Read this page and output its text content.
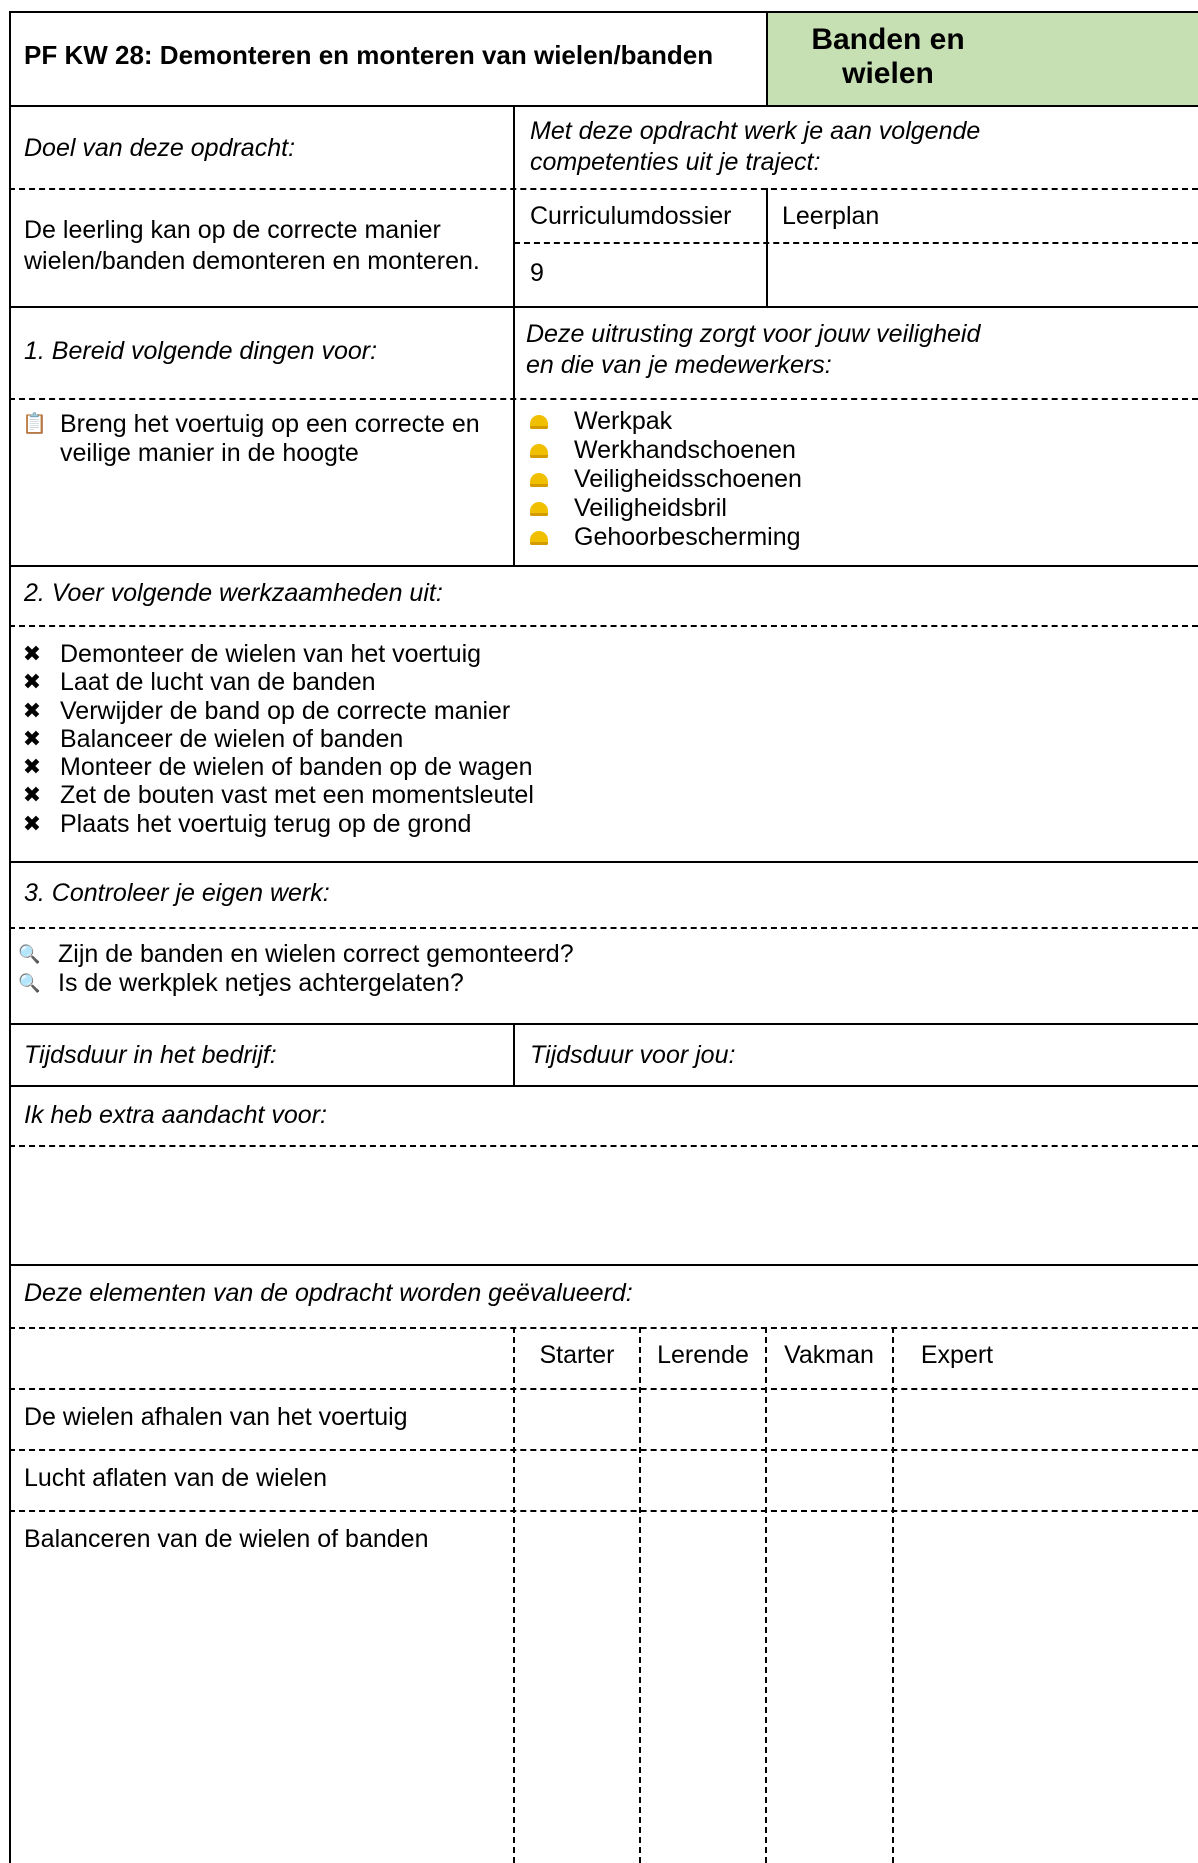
PF KW 28: Demonteren en monteren van wielen/banden	Banden en
wielen
Doel van deze opdracht:
Met deze opdracht werk je aan volgende
competenties uit je traject:
De leerling kan op de correcte manier
wielen/banden demonteren en monteren.
Curriculumdossier Leerplan
9
1. Bereid volgende dingen voor:
Deze uitrusting zorgt voor jouw veiligheid
en die van je medewerkers:
📋 Breng het voertuig op een correcte en
veilige manier in de hoogte
Werkpak
Werkhandschoenen
Veiligheidsschoenen
Veiligheidsbril
Gehoorbescherming
2. Voer volgende werkzaamheden uit:
✖ Demonteer de wielen van het voertuig
✖ Laat de lucht van de banden
✖ Verwijder de band op de correcte manier
✖ Balanceer de wielen of banden
✖ Monteer de wielen of banden op de wagen
✖ Zet de bouten vast met een momentsleutel
✖ Plaats het voertuig terug op de grond
3. Controleer je eigen werk:
🔍 Zijn de banden en wielen correct gemonteerd?
🔍 Is de werkplek netjes achtergelaten?
Tijdsduur in het bedrijf:	Tijdsduur voor jou:
Ik heb extra aandacht voor:
Deze elementen van de opdracht worden geëvalueerd:
Starter	Lerende	Vakman	Expert
De wielen afhalen van het voertuig
Lucht aflaten van de wielen
Balanceren van de wielen of banden
